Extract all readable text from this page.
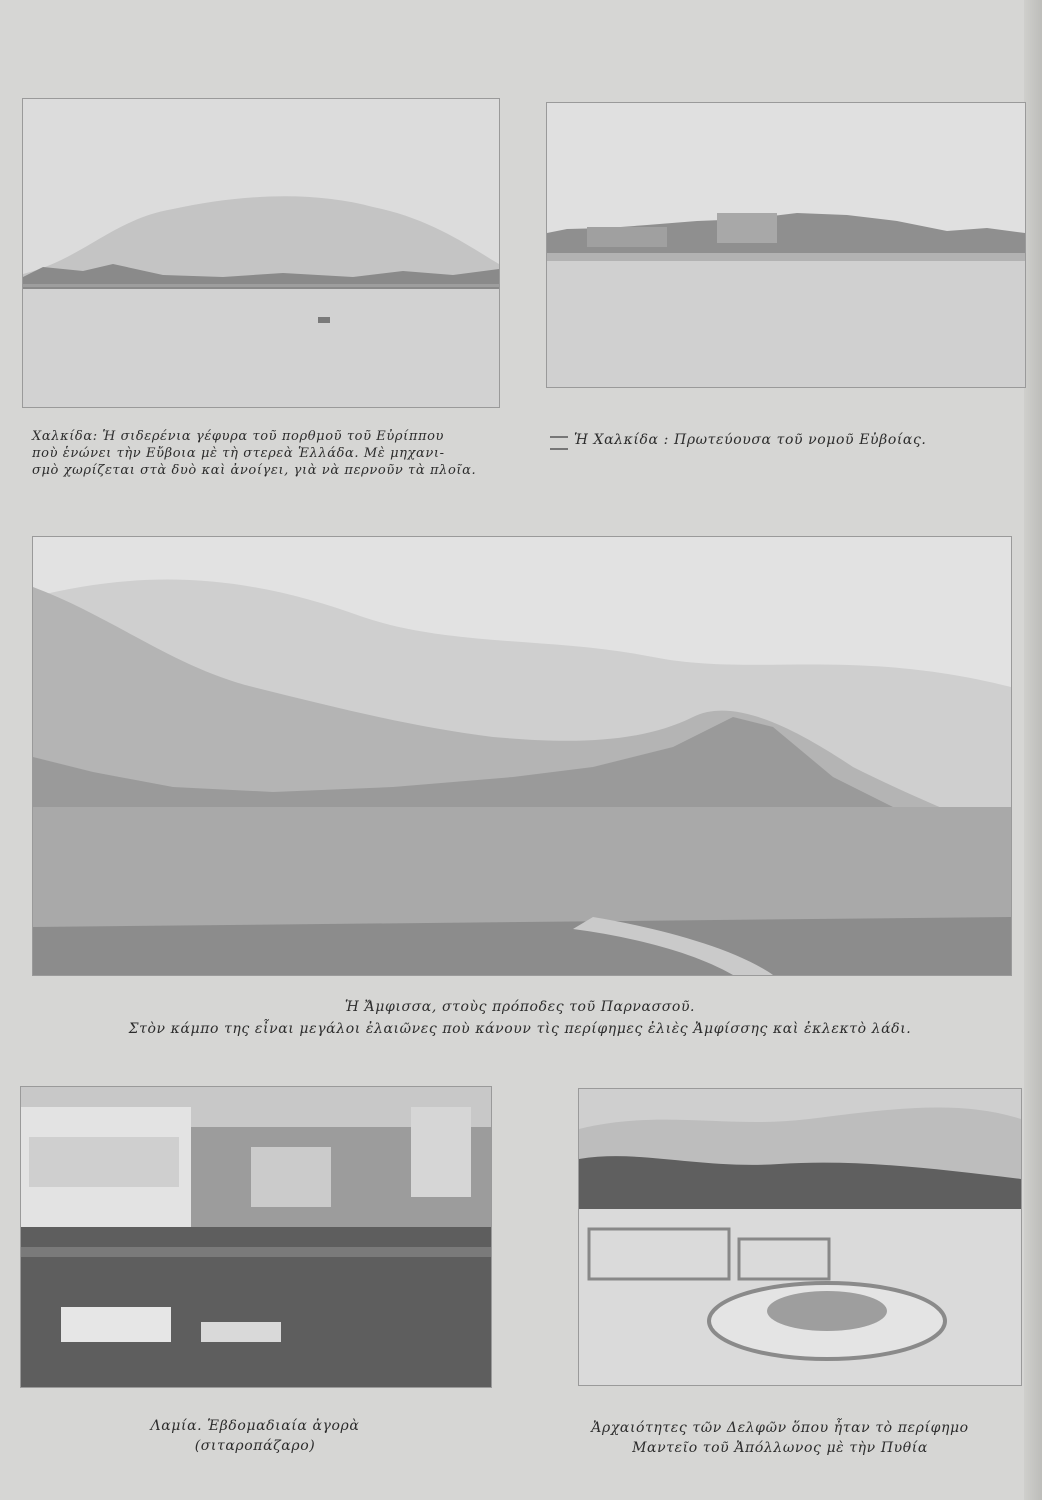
Χαλκίδα: Ἡ σιδερένια γέφυρα τοῦ πορθμοῦ τοῦ Εὐρίππου
ποὺ ἑνώνει τὴν Εὔβοια μὲ τὴ στερεὰ Ἑλλάδα. Μὲ μηχανι-
σμὸ χωρίζεται στὰ δυὸ καὶ ἀνοίγει, γιὰ νὰ περνοῦν τὰ πλοῖα.
Ἡ Χαλκίδα : Πρωτεύουσα τοῦ νομοῦ Εὐβοίας.
Ἡ Ἄμφισσα, στοὺς πρόποδες τοῦ Παρνασσοῦ.
Στὸν κάμπο της εἶναι μεγάλοι ἐλαιῶνες ποὺ κάνουν τὶς περίφημες ἐλιὲς Ἀμφίσσης καὶ ἐκλεκτὸ λάδι.
Λαμία. Ἑβδομαδιαία ἀγορὰ
(σιταροπάζαρο)
Ἀρχαιότητες τῶν Δελφῶν ὅπου ἦταν τὸ περίφημο
Μαντεῖο τοῦ Ἀπόλλωνος μὲ τὴν Πυθία
